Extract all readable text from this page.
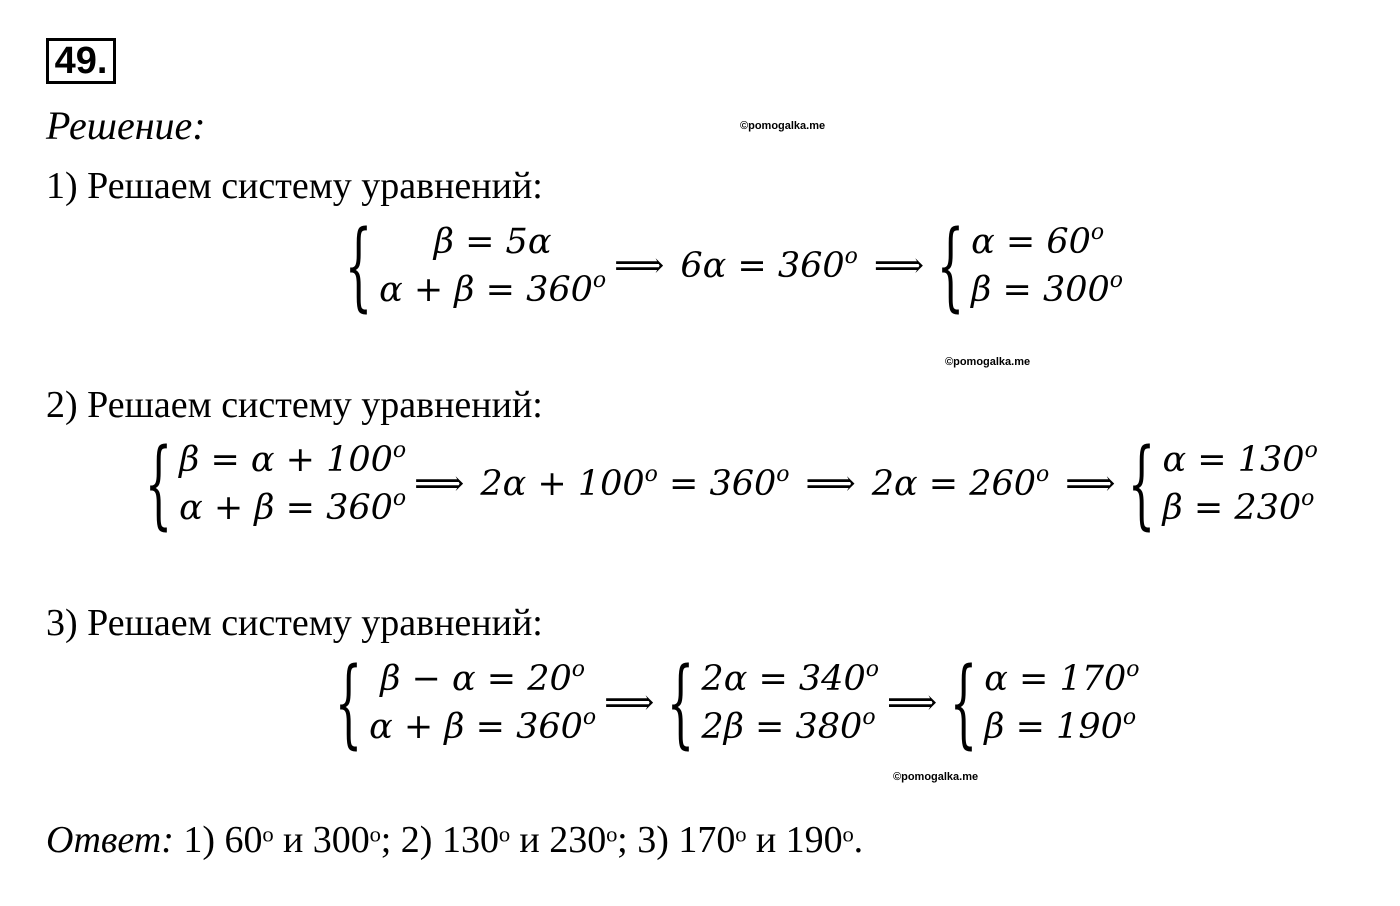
49.
Решение:	©pomogalka.me
©pomogalka.me
©pomogalka.me
1) Решаем систему уравнений:
{	β = 5α
$\alpha + \beta = 360^o$ ⟹ $6\alpha = 360^o$ ⟹ { $\alpha = 60^o$
$\beta = 300^o$
2) Решаем систему уравнений:
{ $\beta = \alpha + 100^o$
$\alpha + \beta = 360^o$ ⟹ $2\alpha + 100^o = 360^o$ ⟹ $2\alpha = 260^o$ ⟹ { $\alpha = 130^o$
$\beta = 230^o$
3) Решаем систему уравнений:
{ $\beta - \alpha = 20^o$
$\alpha + \beta = 360^o$ ⟹ { $2\alpha = 340^o$
$2\beta = 380^o$ ⟹ { $\alpha = 170^o$
$\beta = 190^o$
Ответ: 1) 60ᵒ и 300ᵒ; 2) 130ᵒ и 230ᵒ; 3) 170ᵒ и 190ᵒ.
